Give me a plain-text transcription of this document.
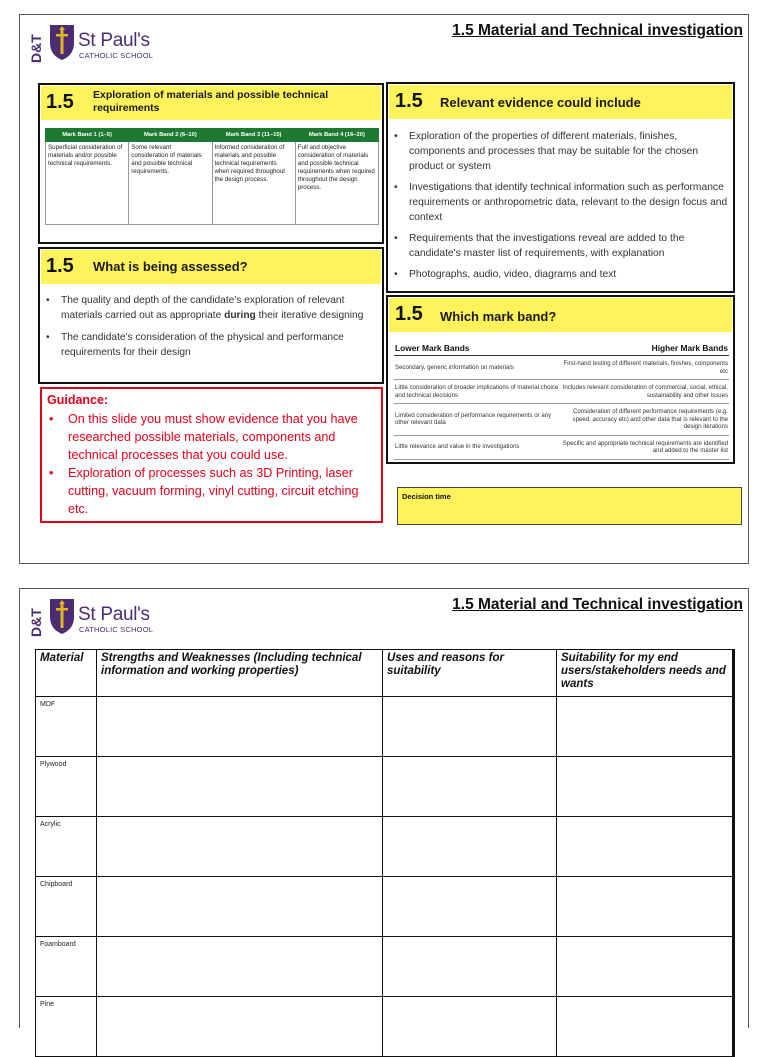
D&T St Paul's
CATHOLIC SCHOOL
1.5 Material and Technical investigation
1.5 Exploration of materials and possible technical requirements
Mark Band 1 (1–5)	Mark Band 2 (6–10)	Mark Band 3 (11–15)	Mark Band 4 (16–20)
Superficial consideration of materials and/or possible technical requirements.	Some relevant consideration of materials and possible technical requirements.	Informed consideration of materials and possible technical requirements when required throughout the design process.	Full and objective consideration of materials and possible technical requirements when required throughout the design process.
1.5 What is being assessed?
• The quality and depth of the candidate's exploration of relevant materials carried out as appropriate during their iterative designing
• The candidate's consideration of the physical and performance requirements for their design
Guidance:
• On this slide you must show evidence that you have researched possible materials, components and technical processes that you could use.
• Exploration of processes such as 3D Printing, laser cutting, vacuum forming, vinyl cutting, circuit etching etc.
1.5 Relevant evidence could include
• Exploration of the properties of different materials, finishes, components and processes that may be suitable for the chosen product or system
• Investigations that identify technical information such as performance requirements or anthropometric data, relevant to the design focus and context
• Requirements that the investigations reveal are added to the candidate's master list of requirements, with explanation
• Photographs, audio, video, diagrams and text
1.5 Which mark band?
Lower Mark Bands	Higher Mark Bands
Secondary, generic information on materials	First-hand testing of different materials, finishes, components etc
Little consideration of broader implications of material choice and technical decisions	Includes relevant consideration of commercial, social, ethical, sustainability and other issues
Limited consideration of performance requirements or any other relevant data	Consideration of different performance requirements (e.g. speed, accuracy etc) and other data that is relevant to the design iterations
Little relevance and value in the investigations	Specific and appropriate technical requirements are identified and added to the master list
Decision time
D&T St Paul's
CATHOLIC SCHOOL
1.5 Material and Technical investigation
Material	Strengths and Weaknesses (Including technical information and working properties)	Uses and reasons for suitability	Suitability for my end users/stakeholders needs and wants
MDF			
Plywood			
Acrylic			
Chipboard			
Foamboard			
Pine			
